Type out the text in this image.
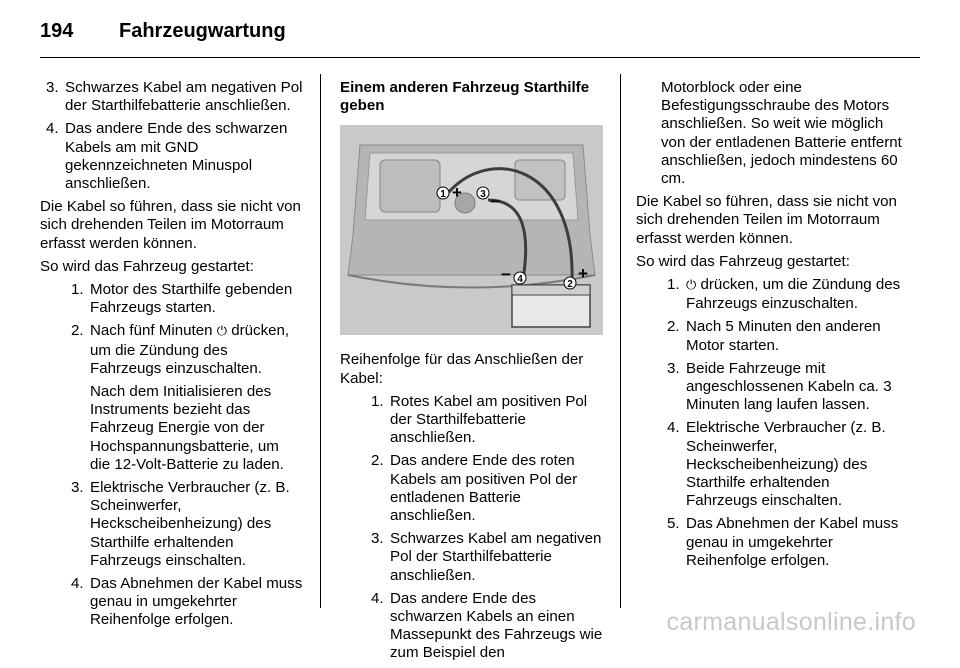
194 Fahrzeugwartung
3. Schwarzes Kabel am negativen Pol der Starthilfebatterie anschließen.
4. Das andere Ende des schwarzen Kabels am mit GND gekennzeichneten Minuspol anschließen.
Die Kabel so führen, dass sie nicht von sich drehenden Teilen im Motorraum erfasst werden können.
So wird das Fahrzeug gestartet:
1. Motor des Starthilfe gebenden Fahrzeugs starten.
2. Nach fünf Minuten ⏻ drücken, um die Zündung des Fahrzeugs einzuschalten.
Nach dem Initialisieren des Instruments bezieht das Fahrzeug Energie von der Hochspannungsbatterie, um die 12-Volt-Batterie zu laden.
3. Elektrische Verbraucher (z. B. Scheinwerfer, Heckscheibenheizung) des Starthilfe erhaltenden Fahrzeugs einschalten.
4. Das Abnehmen der Kabel muss genau in umgekehrter Reihenfolge erfolgen.
Einem anderen Fahrzeug Starthilfe geben
1 + 3 −
− 4	2
+
Reihenfolge für das Anschließen der Kabel:
1. Rotes Kabel am positiven Pol der Starthilfebatterie anschließen.
2. Das andere Ende des roten Kabels am positiven Pol der entladenen Batterie anschließen.
3. Schwarzes Kabel am negativen Pol der Starthilfebatterie anschließen.
4. Das andere Ende des schwarzen Kabels an einen Massepunkt des Fahrzeugs wie zum Beispiel den
Motorblock oder eine Befestigungsschraube des Motors anschließen. So weit wie möglich von der entladenen Batterie entfernt anschließen, jedoch mindestens 60 cm.
Die Kabel so führen, dass sie nicht von sich drehenden Teilen im Motorraum erfasst werden können.
So wird das Fahrzeug gestartet:
1. ⏻ drücken, um die Zündung des Fahrzeugs einzuschalten.
2. Nach 5 Minuten den anderen Motor starten.
3. Beide Fahrzeuge mit angeschlossenen Kabeln ca. 3 Minuten lang laufen lassen.
4. Elektrische Verbraucher (z. B. Scheinwerfer, Heckscheibenheizung) des Starthilfe erhaltenden Fahrzeugs einschalten.
5. Das Abnehmen der Kabel muss genau in umgekehrter Reihenfolge erfolgen.
carmanualsonline.info
